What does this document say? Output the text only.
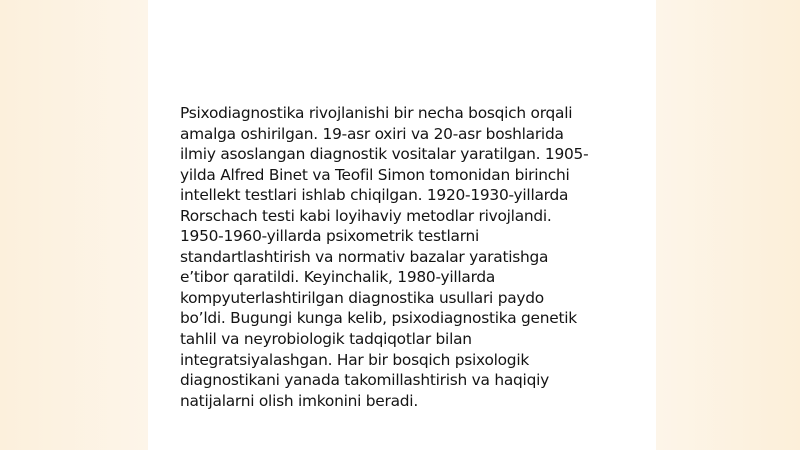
Psixodiagnostika rivojlanishi bir necha bosqich orqali
amalga oshirilgan. 19-asr oxiri va 20-asr boshlarida
ilmiy asoslangan diagnostik vositalar yaratilgan. 1905-
yilda Alfred Binet va Teofil Simon tomonidan birinchi
intellekt testlari ishlab chiqilgan. 1920-1930-yillarda
Rorschach testi kabi loyihaviy metodlar rivojlandi.
1950-1960-yillarda psixometrik testlarni
standartlashtirish va normativ bazalar yaratishga
e’tibor qaratildi. Keyinchalik, 1980-yillarda
kompyuterlashtirilgan diagnostika usullari paydo
bo’ldi. Bugungi kunga kelib, psixodiagnostika genetik
tahlil va neyrobiologik tadqiqotlar bilan
integratsiyalashgan. Har bir bosqich psixologik
diagnostikani yanada takomillashtirish va haqiqiy
natijalarni olish imkonini beradi.
